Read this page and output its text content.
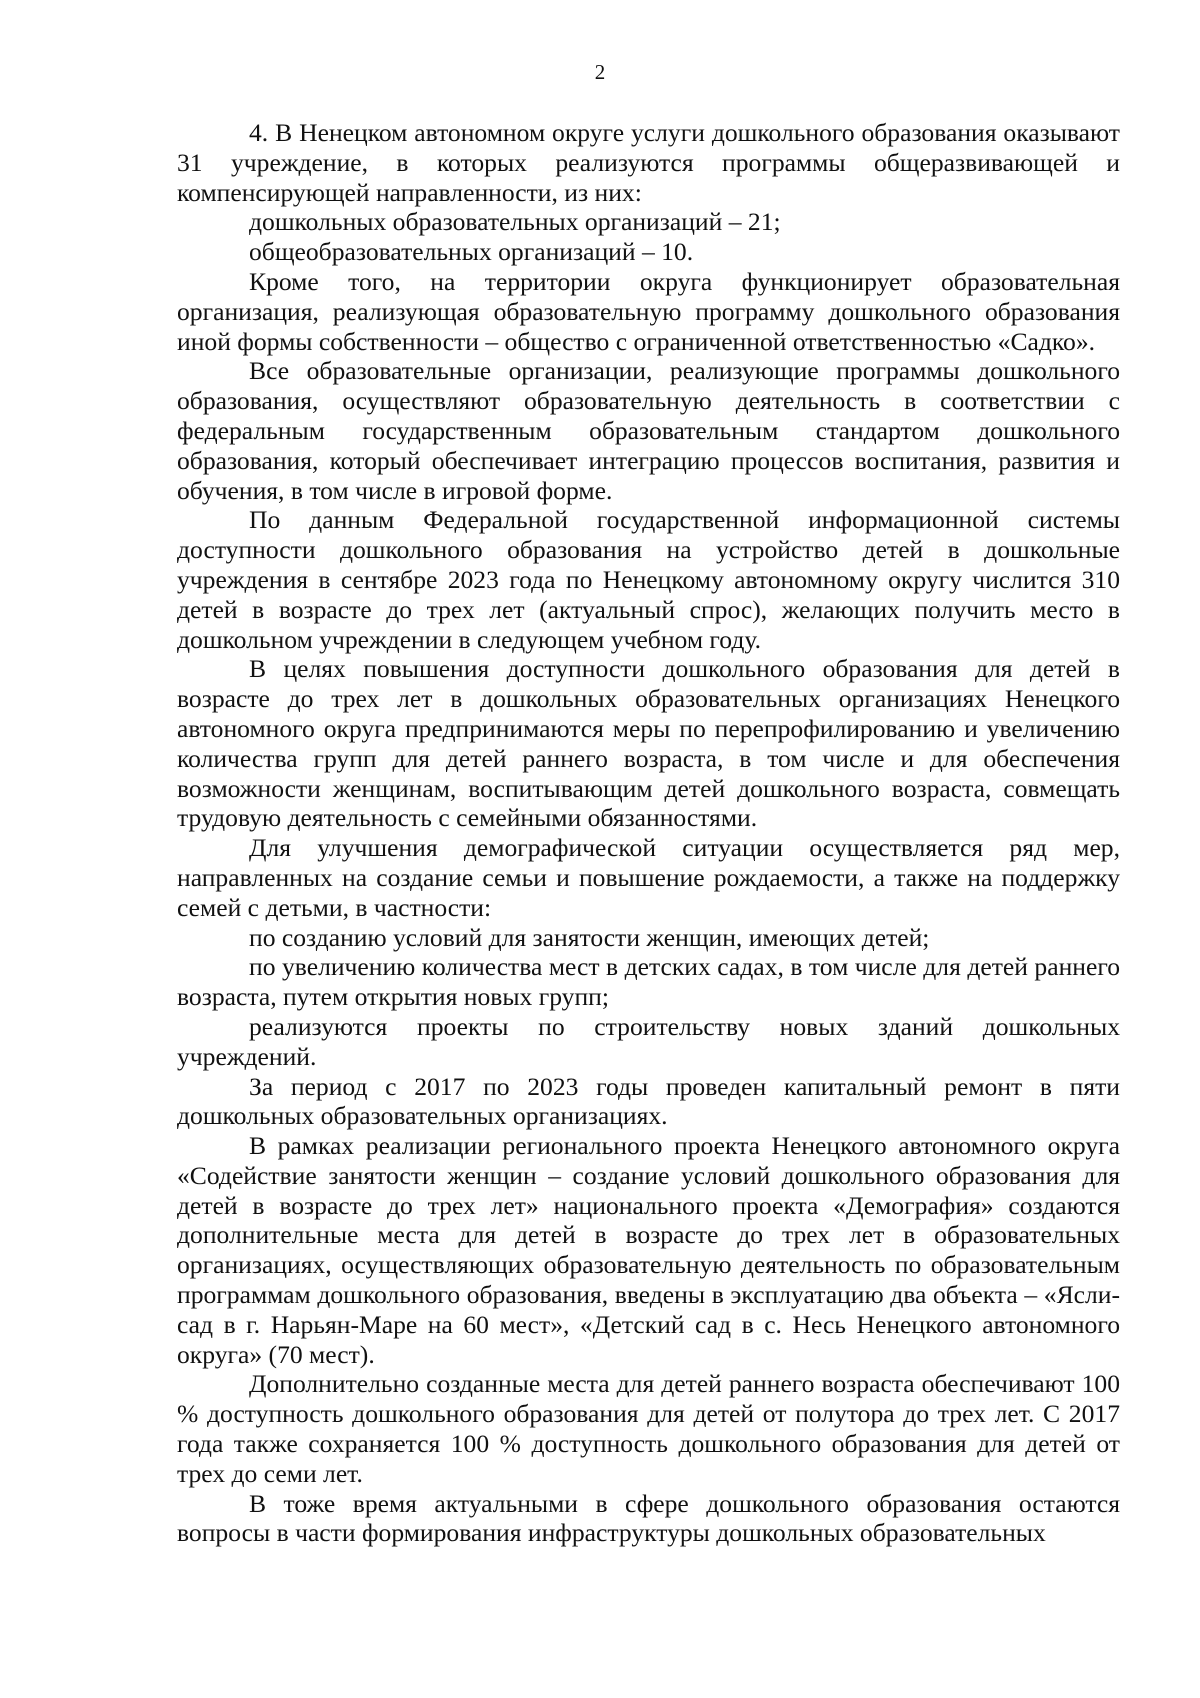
2

4. В Ненецком автономном округе услуги дошкольного образования оказывают 31 учреждение, в которых реализуются программы общеразвивающей и компенсирующей направленности, из них:

дошкольных образовательных организаций – 21;

общеобразовательных организаций – 10.

Кроме того, на территории округа функционирует образовательная организация, реализующая образовательную программу дошкольного образования иной формы собственности – общество с ограниченной ответственностью «Садко».

Все образовательные организации, реализующие программы дошкольного образования, осуществляют образовательную деятельность в соответствии с федеральным государственным образовательным стандартом дошкольного образования, который обеспечивает интеграцию процессов воспитания, развития и обучения, в том числе в игровой форме.

По данным Федеральной государственной информационной системы доступности дошкольного образования на устройство детей в дошкольные учреждения в сентябре 2023 года по Ненецкому автономному округу числится 310 детей в возрасте до трех лет (актуальный спрос), желающих получить место в дошкольном учреждении в следующем учебном году.

В целях повышения доступности дошкольного образования для детей в возрасте до трех лет в дошкольных образовательных организациях Ненецкого автономного округа предпринимаются меры по перепрофилированию и увеличению количества групп для детей раннего возраста, в том числе и для обеспечения возможности женщинам, воспитывающим детей дошкольного возраста, совмещать трудовую деятельность с семейными обязанностями.

Для улучшения демографической ситуации осуществляется ряд мер, направленных на создание семьи и повышение рождаемости, а также на поддержку семей с детьми, в частности:

по созданию условий для занятости женщин, имеющих детей;

по увеличению количества мест в детских садах, в том числе для детей раннего возраста, путем открытия новых групп;

реализуются проекты по строительству новых зданий дошкольных учреждений.

За период с 2017 по 2023 годы проведен капитальный ремонт в пяти дошкольных образовательных организациях.

В рамках реализации регионального проекта Ненецкого автономного округа «Содействие занятости женщин – создание условий дошкольного образования для детей в возрасте до трех лет» национального проекта «Демография» создаются дополнительные места для детей в возрасте до трех лет в образовательных организациях, осуществляющих образовательную деятельность по образовательным программам дошкольного образования, введены в эксплуатацию два объекта – «Ясли-сад в г. Нарьян-Маре на 60 мест», «Детский сад в с. Несь Ненецкого автономного округа» (70 мест).

Дополнительно созданные места для детей раннего возраста обеспечивают 100 % доступность дошкольного образования для детей от полутора до трех лет. С 2017 года также сохраняется 100 % доступность дошкольного образования для детей от трех до семи лет.

В тоже время актуальными в сфере дошкольного образования остаются вопросы в части формирования инфраструктуры дошкольных образовательных
